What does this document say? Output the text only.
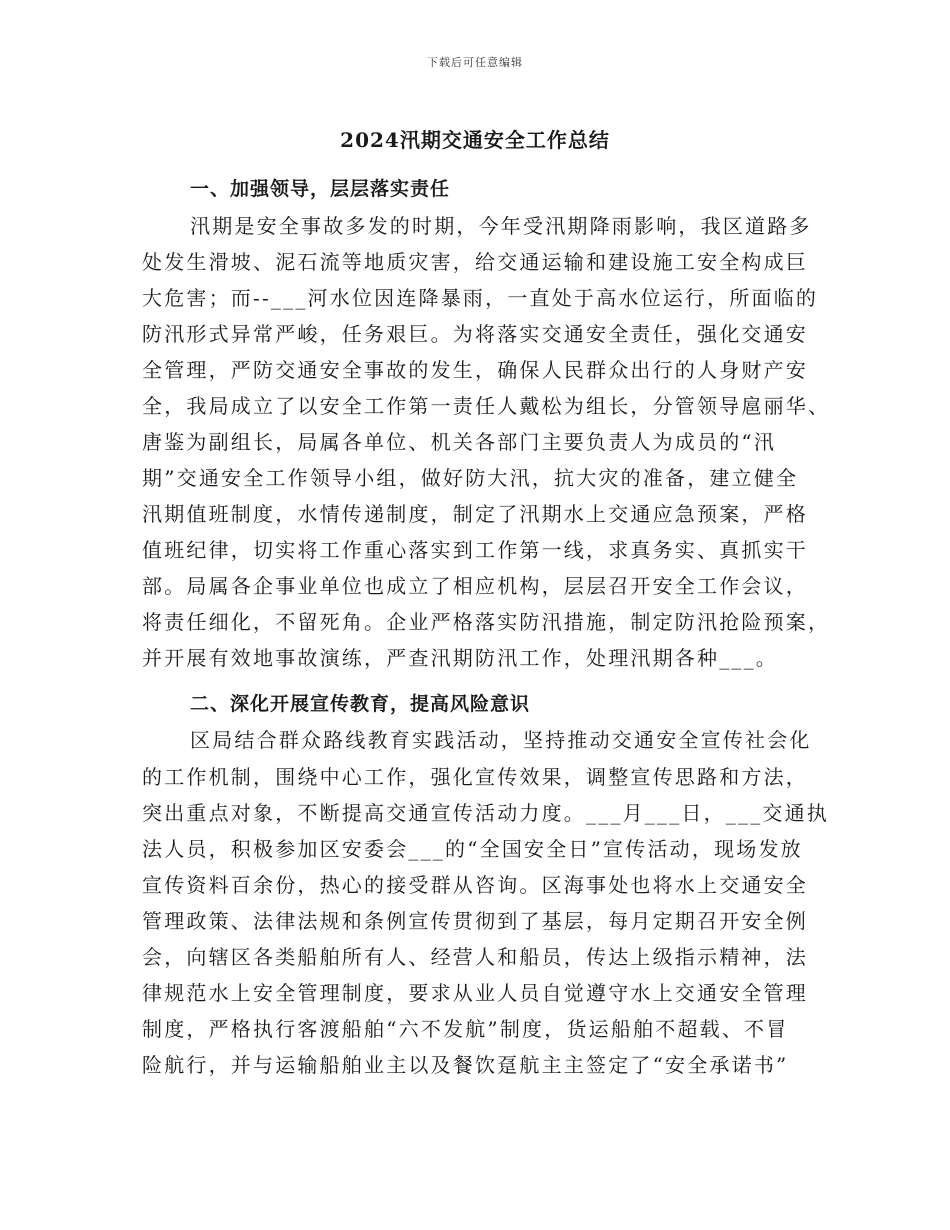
下载后可任意编辑
2024汛期交通安全工作总结
一、加强领导，层层落实责任
汛期是安全事故多发的时期，今年受汛期降雨影响，我区道路多
处发生滑坡、泥石流等地质灾害，给交通运输和建设施工安全构成巨
大危害；而--___河水位因连降暴雨，一直处于高水位运行，所面临的
防汛形式异常严峻，任务艰巨。为将落实交通安全责任，强化交通安
全管理，严防交通安全事故的发生，确保人民群众出行的人身财产安
全，我局成立了以安全工作第一责任人戴松为组长，分管领导扈丽华、
唐鉴为副组长，局属各单位、机关各部门主要负责人为成员的“汛
期”交通安全工作领导小组，做好防大汛，抗大灾的准备，建立健全
汛期值班制度，水情传递制度，制定了汛期水上交通应急预案，严格
值班纪律，切实将工作重心落实到工作第一线，求真务实、真抓实干
部。局属各企事业单位也成立了相应机构，层层召开安全工作会议，
将责任细化，不留死角。企业严格落实防汛措施，制定防汛抢险预案，
并开展有效地事故演练，严查汛期防汛工作，处理汛期各种___。
二、深化开展宣传教育，提高风险意识
区局结合群众路线教育实践活动，坚持推动交通安全宣传社会化
的工作机制，围绕中心工作，强化宣传效果，调整宣传思路和方法，
突出重点对象，不断提高交通宣传活动力度。___月___日，___交通执
法人员，积极参加区安委会___的“全国安全日”宣传活动，现场发放
宣传资料百余份，热心的接受群从咨询。区海事处也将水上交通安全
管理政策、法律法规和条例宣传贯彻到了基层，每月定期召开安全例
会，向辖区各类船舶所有人、经营人和船员，传达上级指示精神，法
律规范水上安全管理制度，要求从业人员自觉遵守水上交通安全管理
制度，严格执行客渡船舶“六不发航”制度，货运船舶不超载、不冒
险航行，并与运输船舶业主以及餐饮趸航主主签定了“安全承诺书”
